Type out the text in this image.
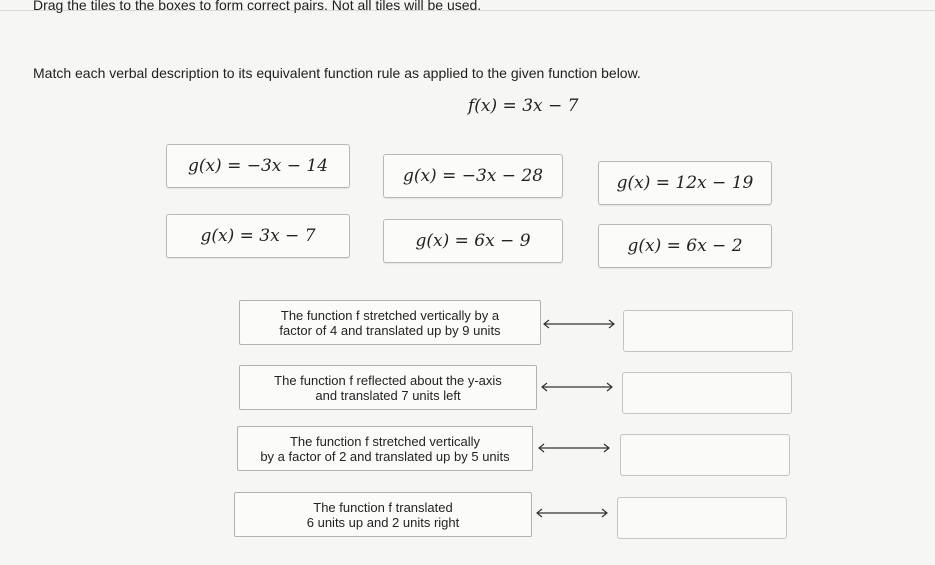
Drag the tiles to the boxes to form correct pairs. Not all tiles will be used.
Match each verbal description to its equivalent function rule as applied to the given function below.
f(x) = 3x − 7
g(x) = −3x − 14	g(x) = −3x − 28	g(x) = 12x − 19
g(x) = 3x − 7	g(x) = 6x − 9	g(x) = 6x − 2
The function f stretched vertically by a
factor of 4 and translated up by 9 units
The function f reflected about the y-axis
and translated 7 units left
The function f stretched vertically
by a factor of 2 and translated up by 5 units
The function f translated
6 units up and 2 units right
